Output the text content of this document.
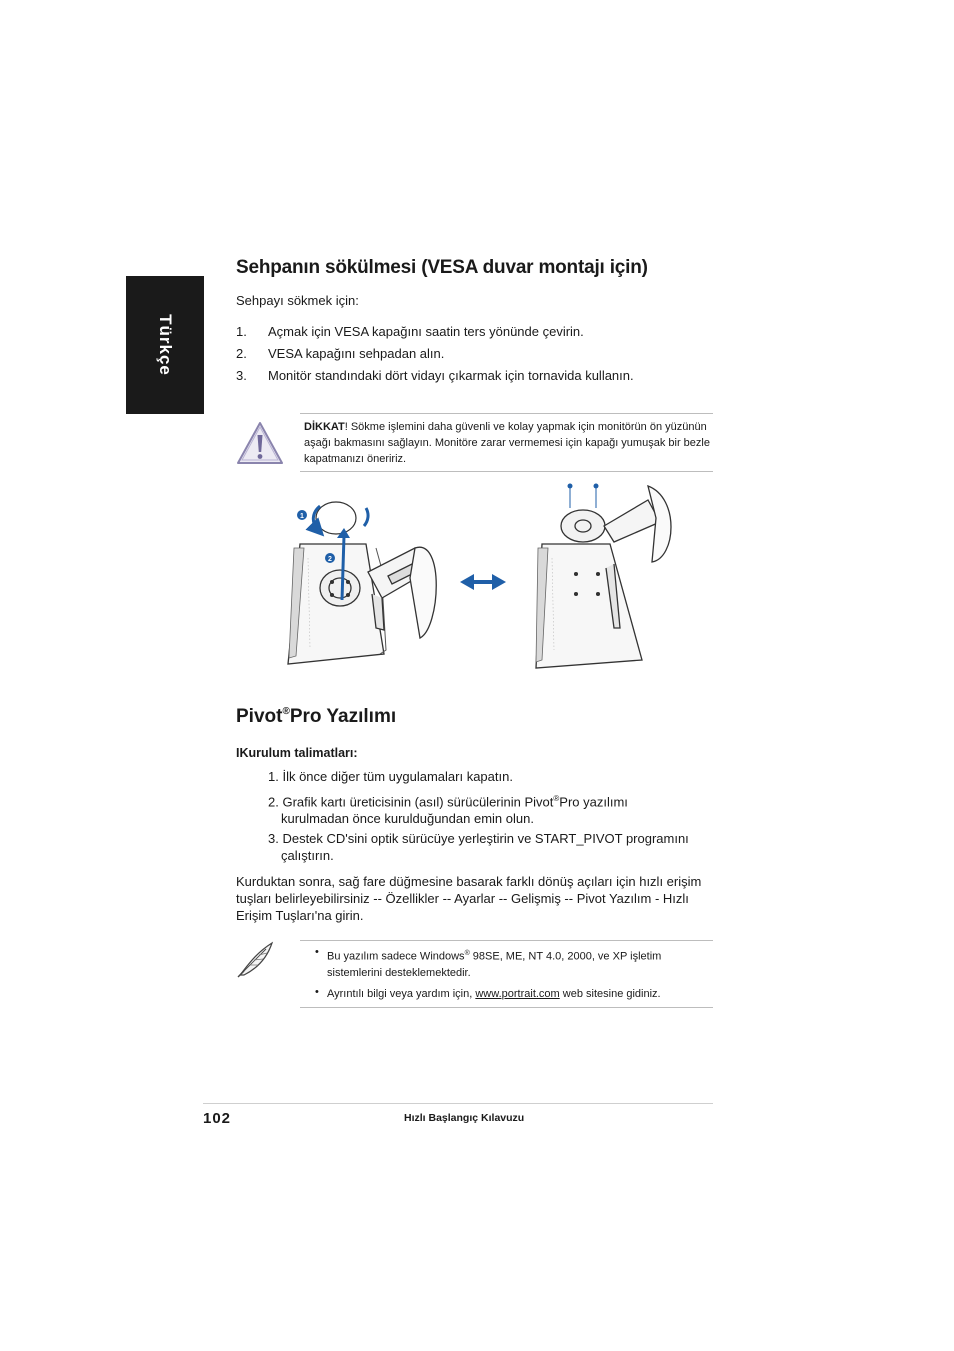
Türkçe
Sehpanın sökülmesi (VESA duvar montajı için)

Sehpayı sökmek için:

1. Açmak için VESA kapağını saatin ters yönünde çevirin.
2. VESA kapağını sehpadan alın.
3. Monitör standındaki dört vidayı çıkarmak için tornavida kullanın.
DİKKAT! Sökme işlemini daha güvenli ve kolay yapmak için monitörün ön yüzünün aşağı bakmasını sağlayın. Monitöre zarar vermemesi için kapağı yumuşak bir bezle kapatmanızı öneririz.
1
2
Pivot®Pro Yazılımı
IKurulum talimatları:
1. İlk önce diğer tüm uygulamaları kapatın.
2. Grafik kartı üreticisinin (asıl) sürücülerinin Pivot®Pro yazılımı
kurulmadan önce kurulduğundan emin olun.
3. Destek CD'sini optik sürücüye yerleştirin ve START_PIVOT programını
çalıştırın.

Kurduktan sonra, sağ fare düğmesine basarak farklı dönüş açıları için hızlı erişim tuşları belirleyebilirsiniz -- Özellikler -- Ayarlar -- Gelişmiş -- Pivot Yazılım - Hızlı Erişim Tuşları'na girin.

• Bu yazılım sadece Windows® 98SE, ME, NT 4.0, 2000, ve XP işletim sistemlerini desteklemektedir.
• Ayrıntılı bilgi veya yardım için, www.portrait.com web sitesine gidiniz.
102	Hızlı Başlangıç Kılavuzu
